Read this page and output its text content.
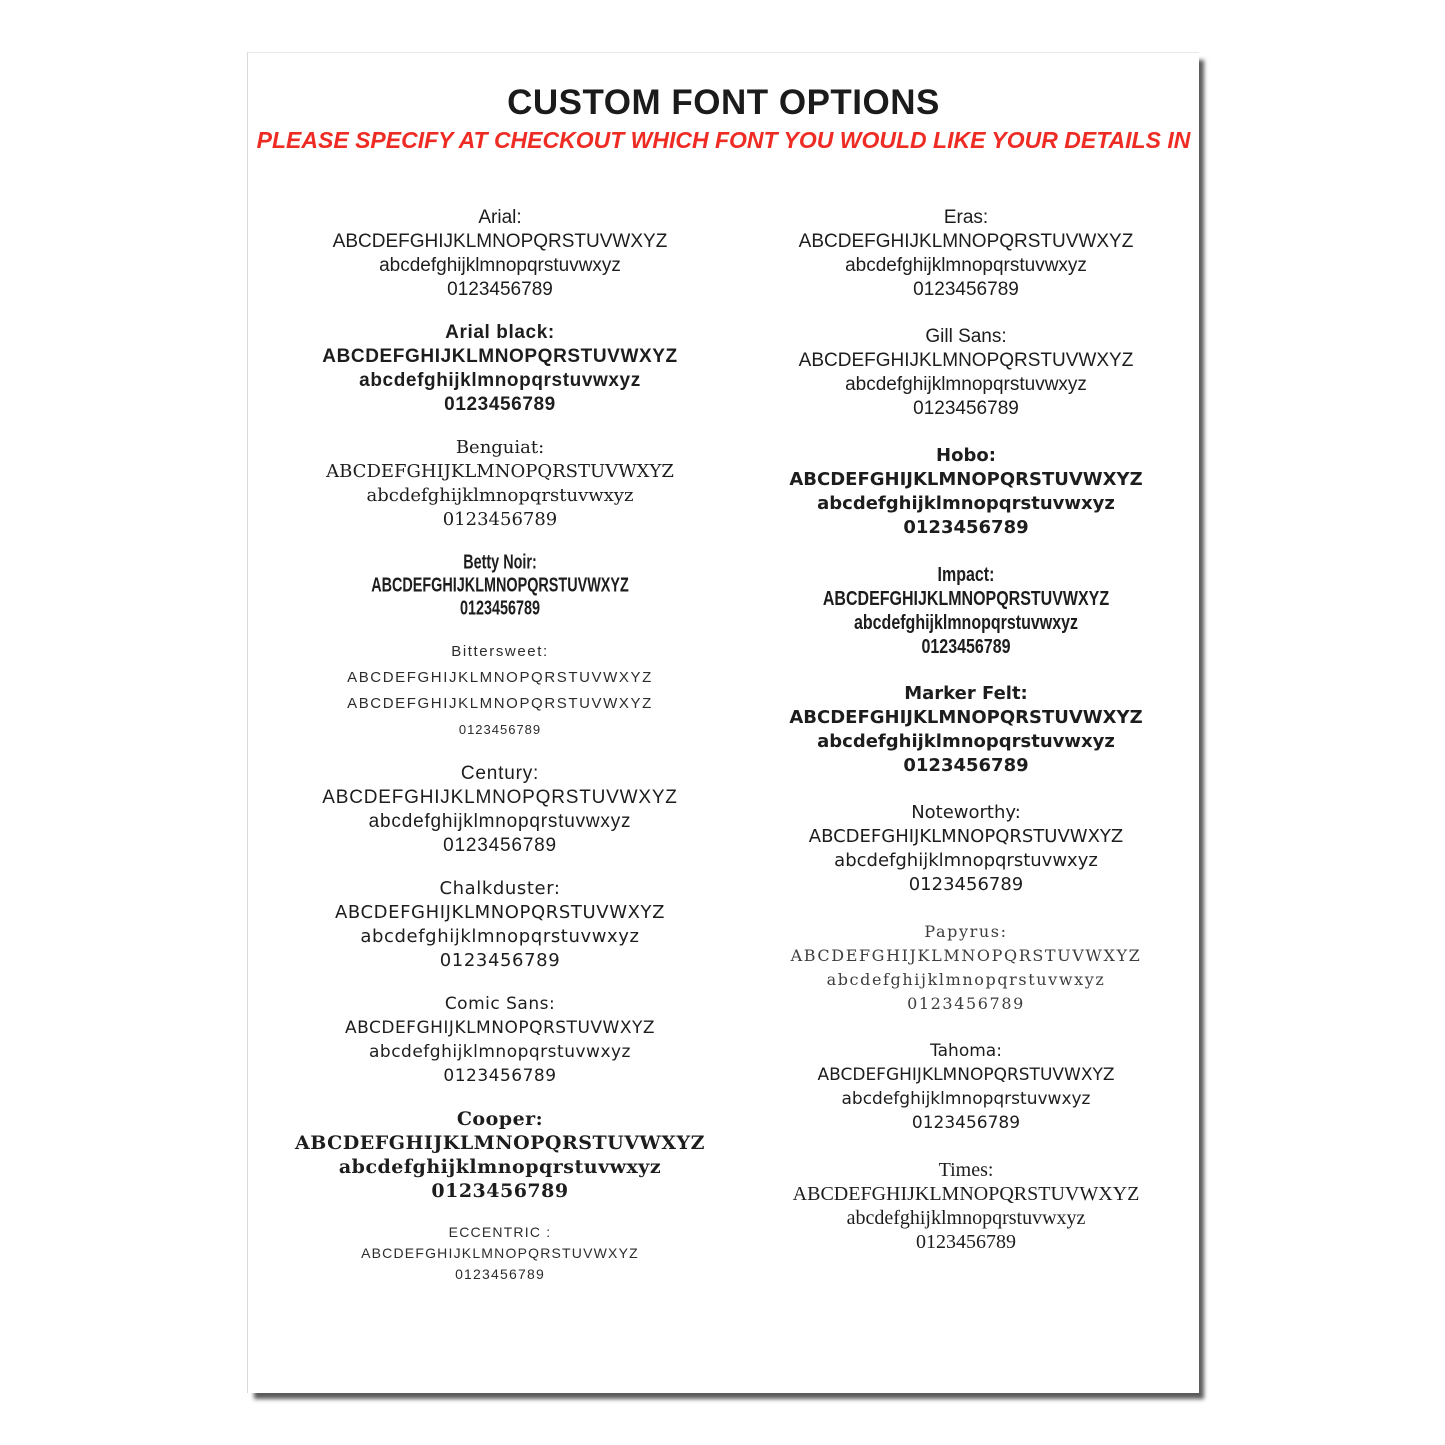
CUSTOM FONT OPTIONS
PLEASE SPECIFY AT CHECKOUT WHICH FONT YOU WOULD LIKE YOUR DETAILS IN
Arial:
ABCDEFGHIJKLMNOPQRSTUVWXYZ
abcdefghijklmnopqrstuvwxyz
0123456789
Arial black:
ABCDEFGHIJKLMNOPQRSTUVWXYZ
abcdefghijklmnopqrstuvwxyz
0123456789
Benguiat:
ABCDEFGHIJKLMNOPQRSTUVWXYZ
abcdefghijklmnopqrstuvwxyz
0123456789
Betty Noir:
ABCDEFGHIJKLMNOPQRSTUVWXYZ
0123456789
Bittersweet:
ABCDEFGHIJKLMNOPQRSTUVWXYZ
ABCDEFGHIJKLMNOPQRSTUVWXYZ
0123456789
Century:
ABCDEFGHIJKLMNOPQRSTUVWXYZ
abcdefghijklmnopqrstuvwxyz
0123456789
Chalkduster:
ABCDEFGHIJKLMNOPQRSTUVWXYZ
abcdefghijklmnopqrstuvwxyz
0123456789
Comic Sans:
ABCDEFGHIJKLMNOPQRSTUVWXYZ
abcdefghijklmnopqrstuvwxyz
0123456789
Cooper:
ABCDEFGHIJKLMNOPQRSTUVWXYZ
abcdefghijklmnopqrstuvwxyz
0123456789
ECCENTRIC :
ABCDEFGHIJKLMNOPQRSTUVWXYZ
0123456789
Eras:
ABCDEFGHIJKLMNOPQRSTUVWXYZ
abcdefghijklmnopqrstuvwxyz
0123456789
Gill Sans:
ABCDEFGHIJKLMNOPQRSTUVWXYZ
abcdefghijklmnopqrstuvwxyz
0123456789
Hobo:
ABCDEFGHIJKLMNOPQRSTUVWXYZ
abcdefghijklmnopqrstuvwxyz
0123456789
Impact:
ABCDEFGHIJKLMNOPQRSTUVWXYZ
abcdefghijklmnopqrstuvwxyz
0123456789
Marker Felt:
ABCDEFGHIJKLMNOPQRSTUVWXYZ
abcdefghijklmnopqrstuvwxyz
0123456789
Noteworthy:
ABCDEFGHIJKLMNOPQRSTUVWXYZ
abcdefghijklmnopqrstuvwxyz
0123456789
Papyrus:
ABCDEFGHIJKLMNOPQRSTUVWXYZ
abcdefghijklmnopqrstuvwxyz
0123456789
Tahoma:
ABCDEFGHIJKLMNOPQRSTUVWXYZ
abcdefghijklmnopqrstuvwxyz
0123456789
Times:
ABCDEFGHIJKLMNOPQRSTUVWXYZ
abcdefghijklmnopqrstuvwxyz
0123456789
